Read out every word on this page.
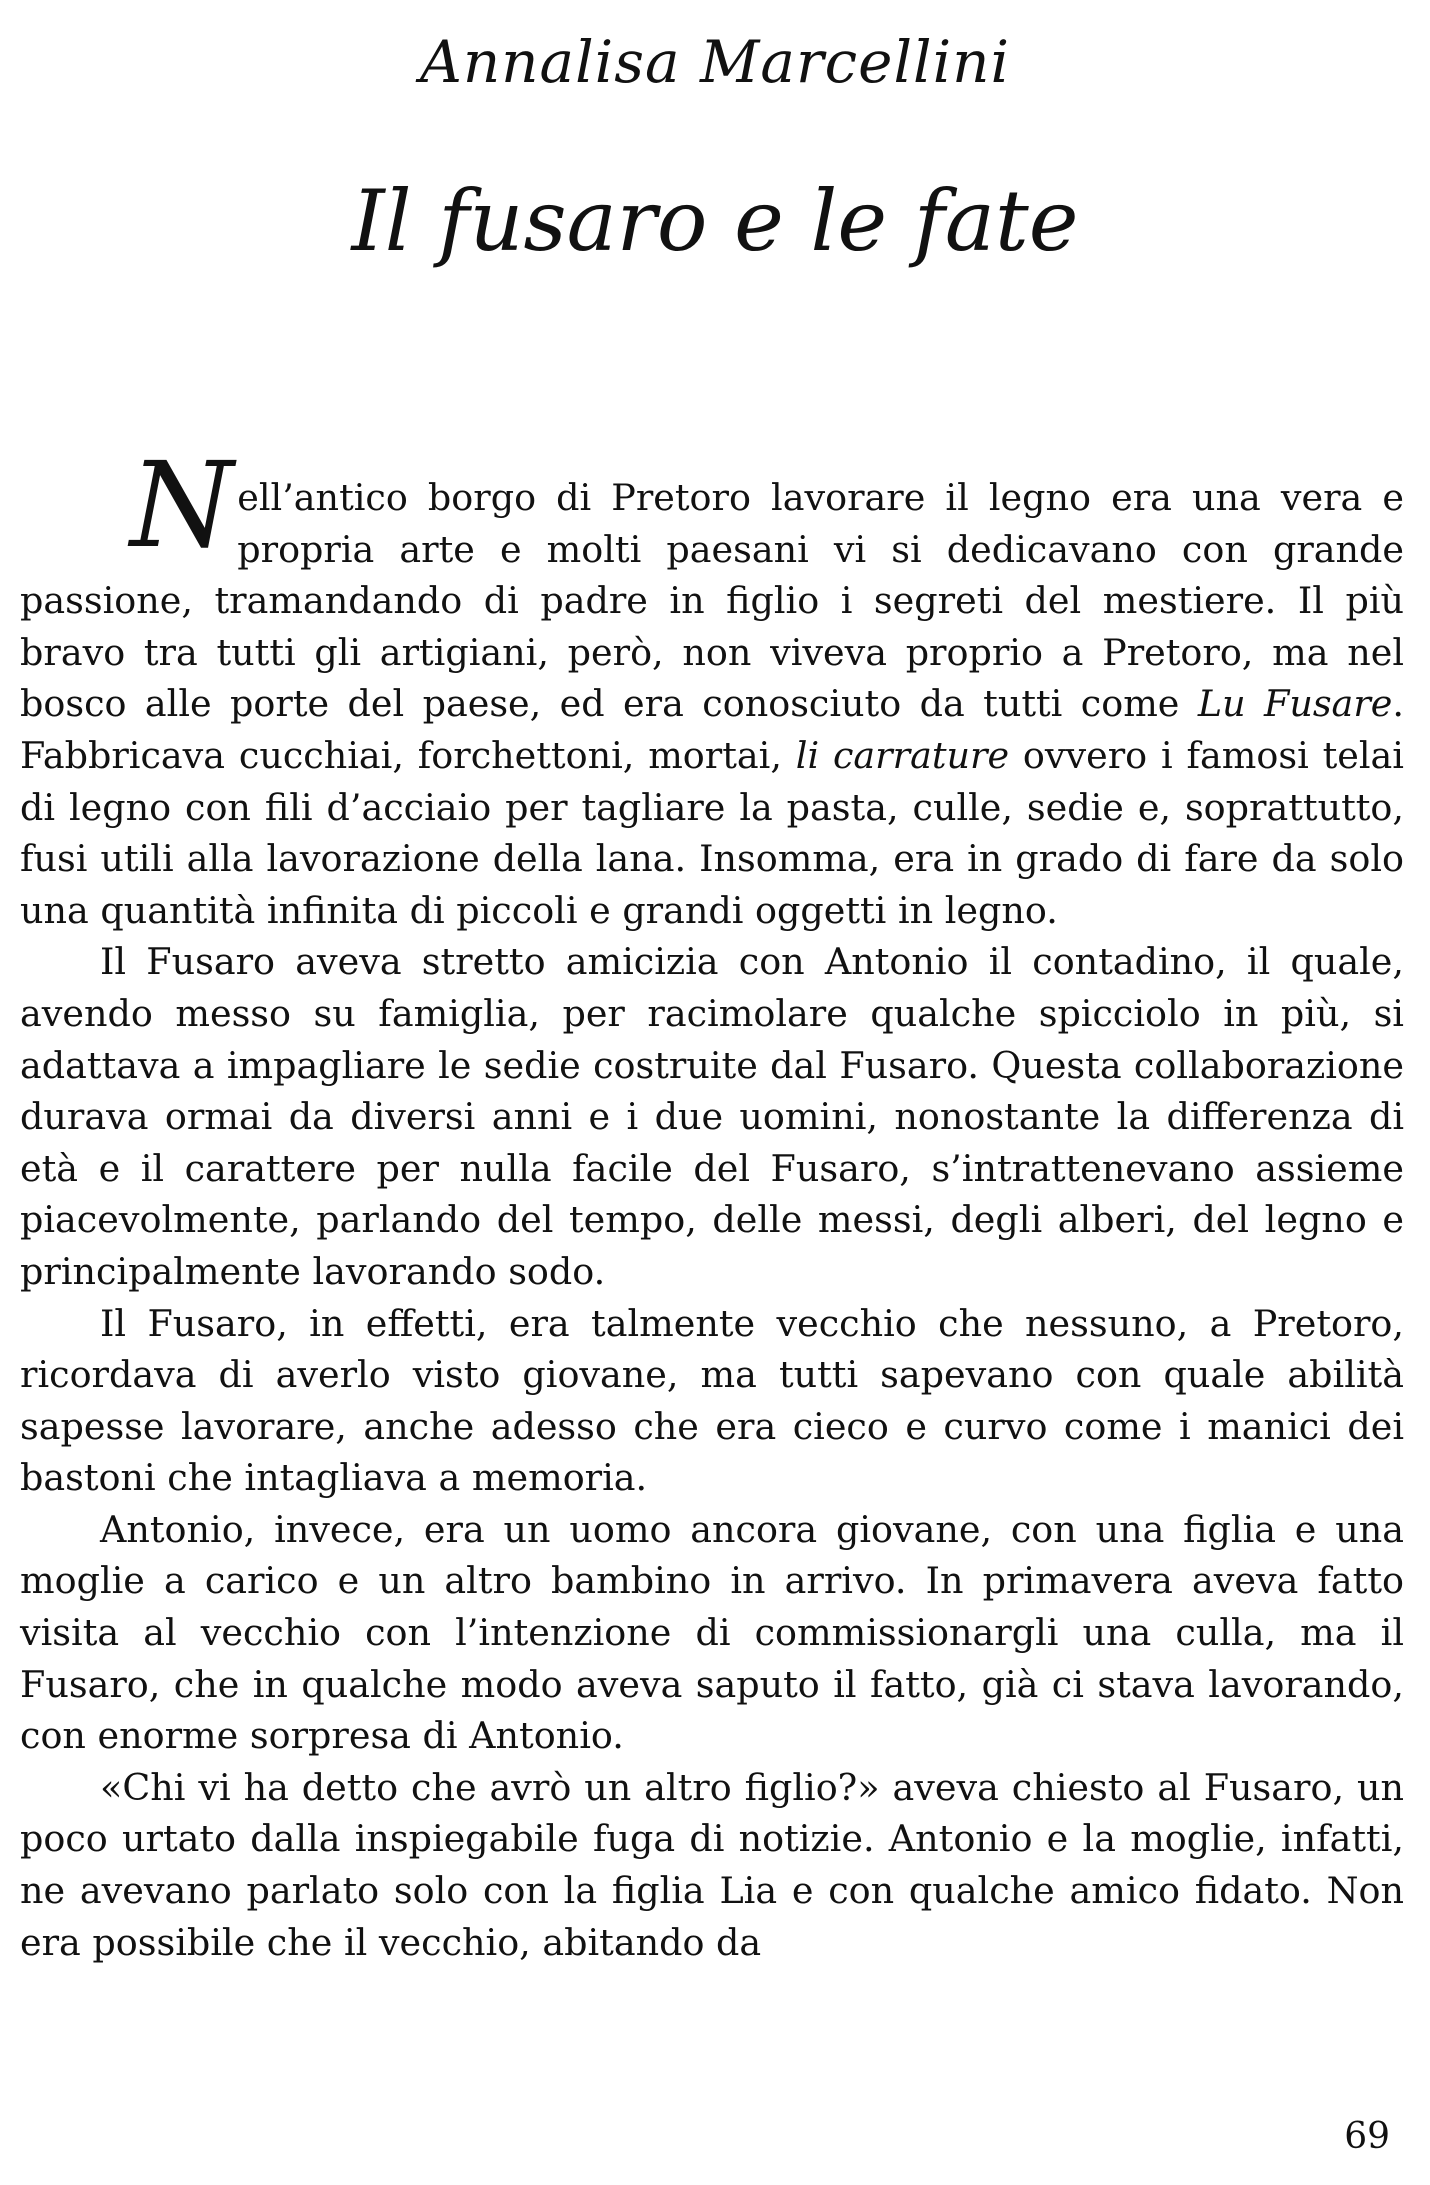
Annalisa Marcellini
Il fusaro e le fate

Nell’antico borgo di Pretoro lavorare il legno era una vera e propria arte e molti paesani vi si dedicavano con grande passione, tramandando di padre in figlio i segreti del mestiere. Il più bravo tra tutti gli artigiani, però, non viveva proprio a Pretoro, ma nel bosco alle porte del paese, ed era conosciuto da tutti come Lu Fusare. Fabbricava cucchiai, forchettoni, mortai, li carrature ovvero i famosi telai di legno con fili d’acciaio per tagliare la pasta, culle, sedie e, soprattutto, fusi utili alla lavorazione della lana. Insomma, era in grado di fare da solo una quantità infinita di piccoli e grandi oggetti in legno.

Il Fusaro aveva stretto amicizia con Antonio il contadino, il quale, avendo messo su famiglia, per racimolare qualche spicciolo in più, si adattava a impagliare le sedie costruite dal Fusaro. Questa collaborazione durava ormai da diversi anni e i due uomini, nonostante la differenza di età e il carattere per nulla facile del Fusaro, s’intrattenevano assieme piacevolmente, parlando del tempo, delle messi, degli alberi, del legno e principalmente lavorando sodo.

Il Fusaro, in effetti, era talmente vecchio che nessuno, a Pretoro, ricordava di averlo visto giovane, ma tutti sapevano con quale abilità sapesse lavorare, anche adesso che era cieco e curvo come i manici dei bastoni che intagliava a memoria.

Antonio, invece, era un uomo ancora giovane, con una figlia e una moglie a carico e un altro bambino in arrivo. In primavera aveva fatto visita al vecchio con l’intenzione di commissionargli una culla, ma il Fusaro, che in qualche modo aveva saputo il fatto, già ci stava lavorando, con enorme sorpresa di Antonio.

«Chi vi ha detto che avrò un altro figlio?» aveva chiesto al Fusaro, un poco urtato dalla inspiegabile fuga di notizie. Antonio e la moglie, infatti, ne avevano parlato solo con la figlia Lia e con qualche amico fidato. Non era possibile che il vecchio, abitando da

69
